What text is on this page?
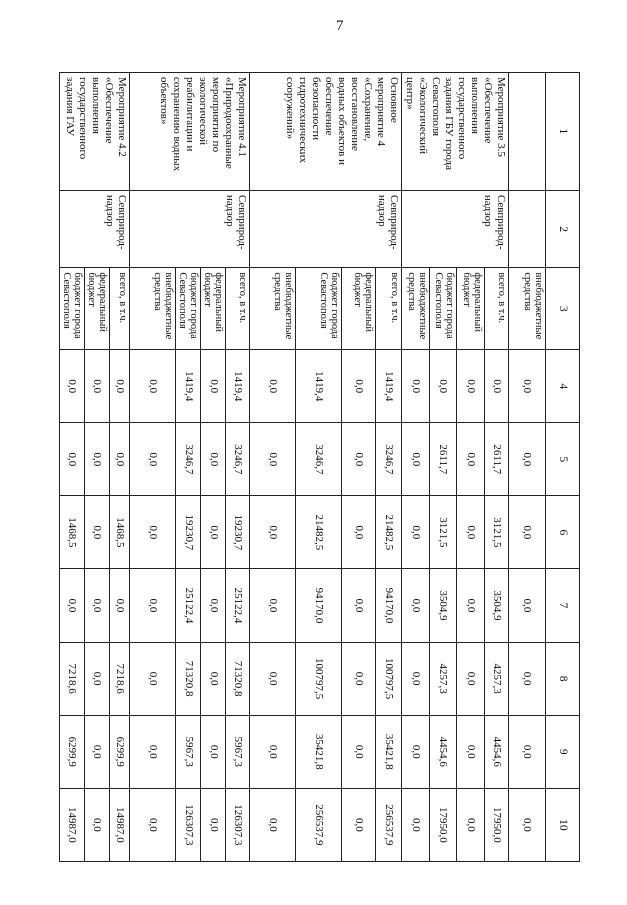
7
1	2	3	4	5	6	7	8	9	10
		внебюджетные средства	0,0	0,0	0,0	0,0	0,0	0,0	0,0
Мероприятие 3.5 «Обеспечение выполнения государственного задания ГБУ города Севастополя «Экологический центр»	Севприрод-надзор	всего, в т.ч.	0,0	2611,7	3121,5	3504,9	4257,3	4454,6	17950,0
		федеральный бюджет	0,0	0,0	0,0	0,0	0,0	0,0	0,0
		бюджет города Севастополя	0,0	2611,7	3121,5	3504,9	4257,3	4454,6	17950,0
		внебюджетные средства	0,0	0,0	0,0	0,0	0,0	0,0	0,0
Основное мероприятие 4 «Сохранение, восстановление водных объектов и обеспечение безопасности гидротехнических сооружений»	Севприрод-надзор	всего, в т.ч.	1419,4	3246,7	21482,5	94170,0	100797,5	35421,8	256537,9
		федеральный бюджет	0,0	0,0	0,0	0,0	0,0	0,0	0,0
		бюджет города Севастополя	1419,4	3246,7	21482,5	94170,0	100797,5	35421,8	256537,9
		внебюджетные средства	0,0	0,0	0,0	0,0	0,0	0,0	0,0
Мероприятие 4.1 «Природоохранные мероприятия по экологической реабилитации и сохранению водных объектов»	Севприрод-надзор	всего, в т.ч.	1419,4	3246,7	19230,7	25122,4	71320,8	5967,3	126307,3
		федеральный бюджет	0,0	0,0	0,0	0,0	0,0	0,0	0,0
		бюджет города Севастополя	1419,4	3246,7	19230,7	25122,4	71320,8	5967,3	126307,3
		внебюджетные средства	0,0	0,0	0,0	0,0	0,0	0,0	0,0
Мероприятие 4.2 «Обеспечение выполнения государственного задания ГАУ	Севприрод-надзор	всего, в т.ч.	0,0	0,0	1468,5	0,0	7218,6	6299,9	14987,0
		федеральный бюджет	0,0	0,0	0,0	0,0	0,0	0,0	0,0
		бюджет города Севастополя	0,0	0,0	1468,5	0,0	7218,6	6299,9	14987,0
